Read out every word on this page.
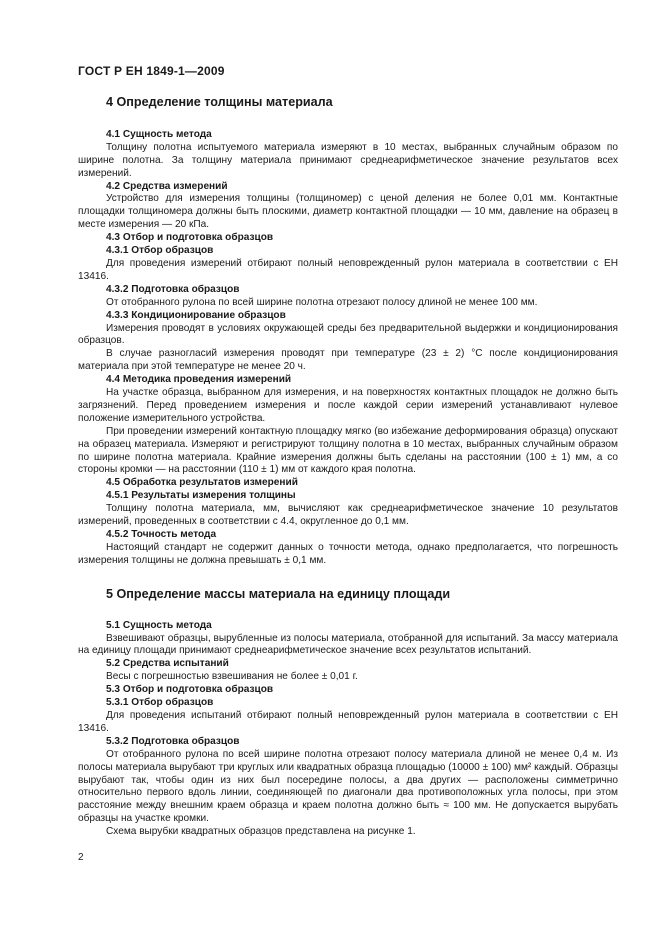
ГОСТ Р ЕН 1849-1—2009

4 Определение толщины материала

4.1 Сущность метода

Толщину полотна испытуемого материала измеряют в 10 местах, выбранных случайным образом по ширине полотна. За толщину материала принимают среднеарифметическое значение результатов всех измерений.

4.2 Средства измерений

Устройство для измерения толщины (толщиномер) с ценой деления не более 0,01 мм. Контактные площадки толщиномера должны быть плоскими, диаметр контактной площадки — 10 мм, давление на образец в месте измерения — 20 кПа.

4.3 Отбор и подготовка образцов

4.3.1 Отбор образцов

Для проведения измерений отбирают полный неповрежденный рулон материала в соответствии с ЕН 13416.

4.3.2 Подготовка образцов

От отобранного рулона по всей ширине полотна отрезают полосу длиной не менее 100 мм.

4.3.3 Кондиционирование образцов

Измерения проводят в условиях окружающей среды без предварительной выдержки и кондиционирования образцов.

В случае разногласий измерения проводят при температуре (23 ± 2) °С после кондиционирования материала при этой температуре не менее 20 ч.

4.4 Методика проведения измерений

На участке образца, выбранном для измерения, и на поверхностях контактных площадок не должно быть загрязнений. Перед проведением измерения и после каждой серии измерений устанавливают нулевое положение измерительного устройства.

При проведении измерений контактную площадку мягко (во избежание деформирования образца) опускают на образец материала. Измеряют и регистрируют толщину полотна в 10 местах, выбранных случайным образом по ширине полотна материала. Крайние измерения должны быть сделаны на расстоянии (100 ± 1) мм, а со стороны кромки — на расстоянии (110 ± 1) мм от каждого края полотна.

4.5 Обработка результатов измерений

4.5.1 Результаты измерения толщины

Толщину полотна материала, мм, вычисляют как среднеарифметическое значение 10 результатов измерений, проведенных в соответствии с 4.4, округленное до 0,1 мм.

4.5.2 Точность метода

Настоящий стандарт не содержит данных о точности метода, однако предполагается, что погрешность измерения толщины не должна превышать ± 0,1 мм.

5 Определение массы материала на единицу площади

5.1 Сущность метода

Взвешивают образцы, вырубленные из полосы материала, отобранной для испытаний. За массу материала на единицу площади принимают среднеарифметическое значение всех результатов испытаний.

5.2 Средства испытаний

Весы с погрешностью взвешивания не более ± 0,01 г.

5.3 Отбор и подготовка образцов

5.3.1 Отбор образцов

Для проведения испытаний отбирают полный неповрежденный рулон материала в соответствии с ЕН 13416.

5.3.2 Подготовка образцов

От отобранного рулона по всей ширине полотна отрезают полосу материала длиной не менее 0,4 м. Из полосы материала вырубают три круглых или квадратных образца площадью (10000 ± 100) мм² каждый. Образцы вырубают так, чтобы один из них был посередине полосы, а два других — расположены симметрично относительно первого вдоль линии, соединяющей по диагонали два противоположных угла полосы, при этом расстояние между внешним краем образца и краем полотна должно быть ≈ 100 мм. Не допускается вырубать образцы на участке кромки.

Схема вырубки квадратных образцов представлена на рисунке 1.

2
